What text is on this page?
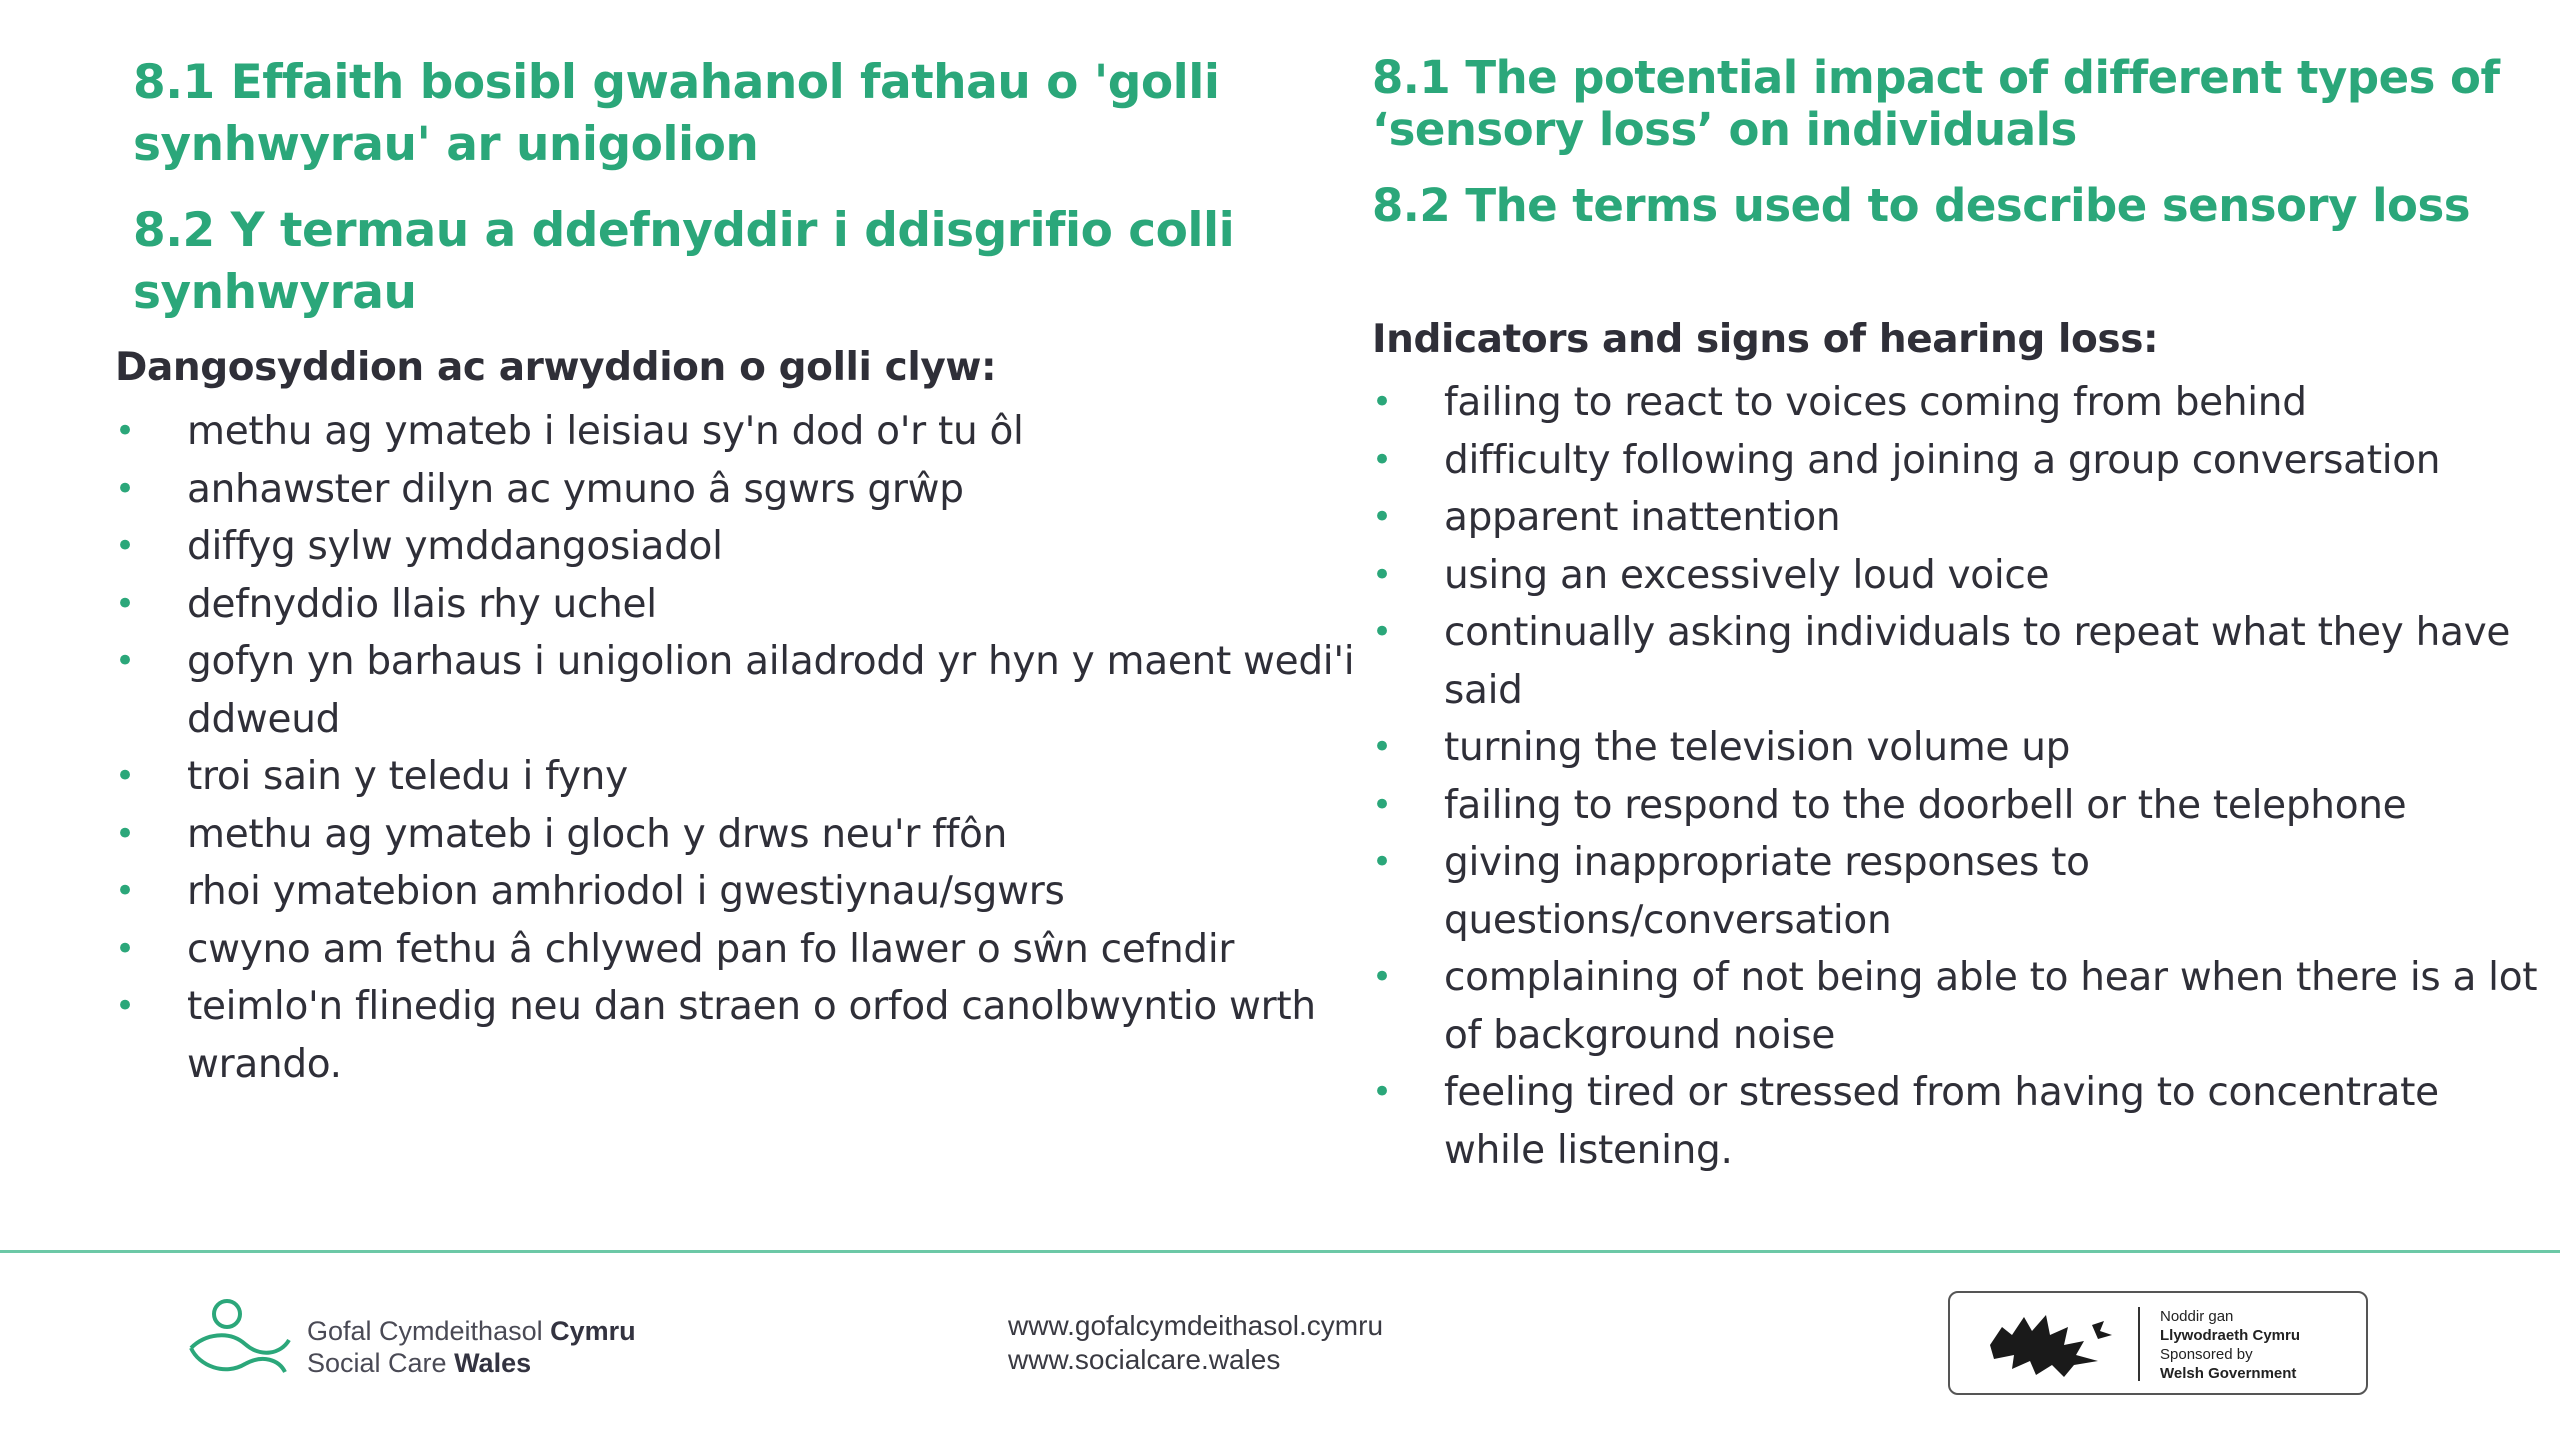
8.1 Effaith bosibl gwahanol fathau o 'golli synhwyrau' ar unigolion
8.2 Y termau a ddefnyddir i ddisgrifio colli synhwyrau

Dangosyddion ac arwyddion o golli clyw:

• methu ag ymateb i leisiau sy'n dod o'r tu ôl
• anhawster dilyn ac ymuno â sgwrs grŵp
• diffyg sylw ymddangosiadol
• defnyddio llais rhy uchel
• gofyn yn barhaus i unigolion ailadrodd yr hyn y maent wedi'i ddweud
• troi sain y teledu i fyny
• methu ag ymateb i gloch y drws neu'r ffôn
• rhoi ymatebion amhriodol i gwestiynau/sgwrs
• cwyno am fethu â chlywed pan fo llawer o sŵn cefndir
• teimlo'n flinedig neu dan straen o orfod canolbwyntio wrth wrando.
8.1 The potential impact of different types of ‘sensory loss’ on individuals
8.2 The terms used to describe sensory loss

Indicators and signs of hearing loss:

• failing to react to voices coming from behind
• difficulty following and joining a group conversation
• apparent inattention
• using an excessively loud voice
• continually asking individuals to repeat what they have said
• turning the television volume up
• failing to respond to the doorbell or the telephone
• giving inappropriate responses to questions/conversation
• complaining of not being able to hear when there is a lot of background noise
• feeling tired or stressed from having to concentrate while listening.
Gofal Cymdeithasol Cymru
Social Care Wales
www.gofalcymdeithasol.cymru
www.socialcare.wales
Noddir gan
Llywodraeth Cymru
Sponsored by
Welsh Government
